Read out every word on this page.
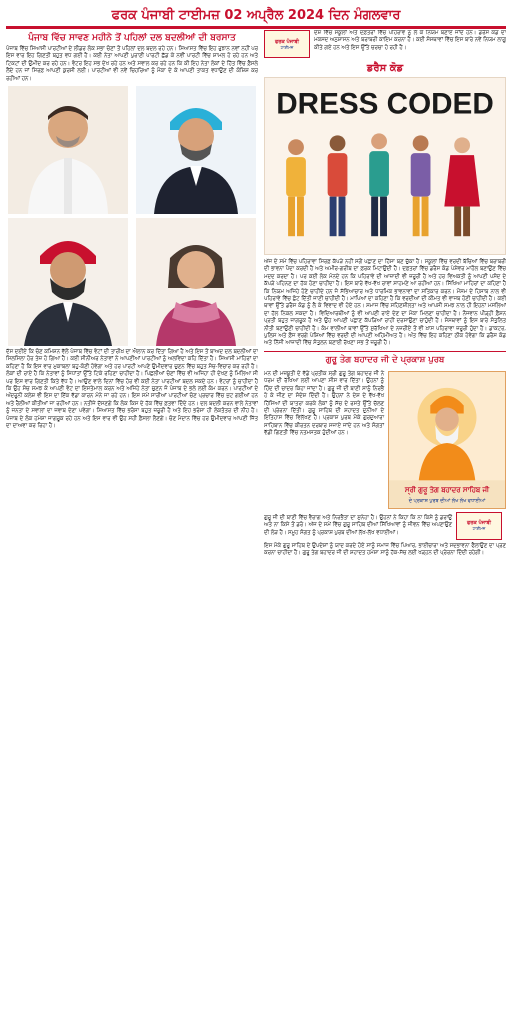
ਫਰਕ ਪੰਜਾਬੀ ਟਾਈਮਜ਼ 02 ਅਪ੍ਰੈਲ 2024 ਦਿਨ ਮੰਗਲਵਾਰ
ਪੰਜਾਬ ਵਿੱਚ ਸਾਵਣ ਮਹੀਨੇ ਤੋਂ ਪਹਿਲਾਂ ਦਲ ਬਦਲੀਆਂ ਦੀ ਬਰਸਾਤ
ਪੰਜਾਬ ਵਿੱਚ ਸਿਆਸੀ ਪਾਰਟੀਆਂ ਦੇ ਲੀਡਰ ਲੋਕ ਸਭਾ ਚੋਣਾਂ ਤੋਂ ਪਹਿਲਾਂ ਦਲ ਬਦਲ ਰਹੇ ਹਨ। ਸਿਆਸਤ ਵਿੱਚ ਇਹ ਰੁਝਾਨ ਨਵਾਂ ਨਹੀਂ ਪਰ ਇਸ ਵਾਰ ਇਹ ਗਿਣਤੀ ਬਹੁਤ ਵਧ ਗਈ ਹੈ। ਕਈ ਨੇਤਾ ਆਪਣੀ ਪੁਰਾਣੀ ਪਾਰਟੀ ਛੱਡ ਕੇ ਨਵੀਂ ਪਾਰਟੀ ਵਿੱਚ ਸ਼ਾਮਲ ਹੋ ਰਹੇ ਹਨ ਅਤੇ ਟਿਕਟਾਂ ਦੀ ਉਮੀਦ ਕਰ ਰਹੇ ਹਨ। ਵੋਟਰ ਇਹ ਸਭ ਦੇਖ ਰਹੇ ਹਨ ਅਤੇ ਸਵਾਲ ਕਰ ਰਹੇ ਹਨ ਕਿ ਕੀ ਇਹ ਨੇਤਾ ਲੋਕਾਂ ਦੇ ਹਿੱਤ ਵਿੱਚ ਫ਼ੈਸਲੇ ਲੈਂਦੇ ਹਨ ਜਾਂ ਸਿਰਫ਼ ਆਪਣੀ ਕੁਰਸੀ ਲਈ। ਪਾਰਟੀਆਂ ਵੀ ਨਵੇਂ ਚਿਹਰਿਆਂ ਨੂੰ ਮੌਕਾ ਦੇ ਕੇ ਆਪਣੀ ਤਾਕਤ ਵਧਾਉਣ ਦੀ ਕੋਸ਼ਿਸ਼ ਕਰ ਰਹੀਆਂ ਹਨ।
ਦੱਸ ਦਈਏ ਕਿ ਚੋਣ ਕਮਿਸ਼ਨ ਵੱਲੋਂ ਪੰਜਾਬ ਵਿੱਚ ਵੋਟਾਂ ਦੀ ਤਾਰੀਖ਼ ਦਾ ਐਲਾਨ ਕਰ ਦਿੱਤਾ ਗਿਆ ਹੈ ਅਤੇ ਇਸ ਤੋਂ ਬਾਅਦ ਦਲ ਬਦਲੀਆਂ ਦਾ ਸਿਲਸਿਲਾ ਹੋਰ ਤੇਜ਼ ਹੋ ਗਿਆ ਹੈ। ਕਈ ਸੀਨੀਅਰ ਨੇਤਾਵਾਂ ਨੇ ਆਪਣੀਆਂ ਪਾਰਟੀਆਂ ਨੂੰ ਅਲਵਿਦਾ ਕਹਿ ਦਿੱਤਾ ਹੈ। ਸਿਆਸੀ ਮਾਹਿਰਾਂ ਦਾ ਕਹਿਣਾ ਹੈ ਕਿ ਇਸ ਵਾਰ ਮੁਕਾਬਲਾ ਬਹੁ-ਕੋਣੀ ਹੋਵੇਗਾ ਅਤੇ ਹਰ ਪਾਰਟੀ ਆਪਣੇ ਉਮੀਦਵਾਰ ਚੁਣਨ ਵਿੱਚ ਬਹੁਤ ਸੋਚ-ਵਿਚਾਰ ਕਰ ਰਹੀ ਹੈ। ਲੋਕਾਂ ਦੀ ਰਾਏ ਹੈ ਕਿ ਨੇਤਾਵਾਂ ਨੂੰ ਸਿਧਾਂਤਾਂ ਉੱਤੇ ਟਿਕੇ ਰਹਿਣਾ ਚਾਹੀਦਾ ਹੈ। ਪਿਛਲੀਆਂ ਚੋਣਾਂ ਵਿੱਚ ਵੀ ਅਜਿਹਾ ਹੀ ਦੇਖਣ ਨੂੰ ਮਿਲਿਆ ਸੀ ਪਰ ਇਸ ਵਾਰ ਗਿਣਤੀ ਕਿਤੇ ਵੱਧ ਹੈ। ਆਉਣ ਵਾਲੇ ਦਿਨਾਂ ਵਿੱਚ ਹੋਰ ਵੀ ਕਈ ਨੇਤਾ ਪਾਰਟੀਆਂ ਬਦਲ ਸਕਦੇ ਹਨ। ਵੋਟਰਾਂ ਨੂੰ ਚਾਹੀਦਾ ਹੈ ਕਿ ਉਹ ਸੋਚ ਸਮਝ ਕੇ ਆਪਣੀ ਵੋਟ ਦਾ ਇਸਤੇਮਾਲ ਕਰਨ ਅਤੇ ਅਜਿਹੇ ਨੇਤਾ ਚੁਣਨ ਜੋ ਪੰਜਾਬ ਦੇ ਭਲੇ ਲਈ ਕੰਮ ਕਰਨ। ਪਾਰਟੀਆਂ ਦੇ ਅੰਦਰੂਨੀ ਕਲੇਸ਼ ਵੀ ਇਸ ਦਾ ਇੱਕ ਵੱਡਾ ਕਾਰਨ ਮੰਨੇ ਜਾ ਰਹੇ ਹਨ। ਇਸ ਸਮੇਂ ਸਾਰੀਆਂ ਪਾਰਟੀਆਂ ਚੋਣ ਪ੍ਰਚਾਰ ਵਿੱਚ ਜੁਟ ਗਈਆਂ ਹਨ ਅਤੇ ਰੈਲੀਆਂ ਕੀਤੀਆਂ ਜਾ ਰਹੀਆਂ ਹਨ। ਨਤੀਜੇ ਦੱਸਣਗੇ ਕਿ ਲੋਕ ਕਿਸ ਦੇ ਹੱਕ ਵਿੱਚ ਫ਼ਤਵਾ ਦਿੰਦੇ ਹਨ। ਦਲ ਬਦਲੀ ਕਰਨ ਵਾਲੇ ਨੇਤਾਵਾਂ ਨੂੰ ਜਨਤਾ ਦੇ ਸਵਾਲਾਂ ਦਾ ਜਵਾਬ ਦੇਣਾ ਪਵੇਗਾ। ਸਿਆਸਤ ਵਿੱਚ ਭਰੋਸਾ ਬਹੁਤ ਜ਼ਰੂਰੀ ਹੈ ਅਤੇ ਇਹ ਭਰੋਸਾ ਹੀ ਲੋਕਤੰਤਰ ਦੀ ਨੀਂਹ ਹੈ। ਪੰਜਾਬ ਦੇ ਲੋਕ ਹਮੇਸ਼ਾ ਜਾਗਰੂਕ ਰਹੇ ਹਨ ਅਤੇ ਇਸ ਵਾਰ ਵੀ ਉਹ ਸਹੀ ਫ਼ੈਸਲਾ ਲੈਣਗੇ। ਚੋਣ ਮੈਦਾਨ ਵਿੱਚ ਹਰ ਉਮੀਦਵਾਰ ਆਪਣੀ ਜਿੱਤ ਦਾ ਦਾਅਵਾ ਕਰ ਰਿਹਾ ਹੈ।
ਫਰਕ ਪੰਜਾਬੀ
ਟਾਈਮਜ਼
ਦੇਸ਼ ਵਿੱਚ ਸਕੂਲਾਂ ਅਤੇ ਦਫ਼ਤਰਾਂ ਵਿੱਚ ਪਹਿਰਾਵੇ ਨੂੰ ਲੈ ਕੇ ਨਿਯਮ ਬਣਾਏ ਜਾਂਦੇ ਹਨ। ਡਰੈਸ ਕੋਡ ਦਾ ਮਕਸਦ ਅਨੁਸ਼ਾਸਨ ਅਤੇ ਬਰਾਬਰੀ ਕਾਇਮ ਕਰਨਾ ਹੈ। ਕਈ ਸੰਸਥਾਵਾਂ ਵਿੱਚ ਇਸ ਬਾਰੇ ਨਵੇਂ ਨਿਯਮ ਲਾਗੂ ਕੀਤੇ ਗਏ ਹਨ ਅਤੇ ਇਸ ਉੱਤੇ ਚਰਚਾ ਹੋ ਰਹੀ ਹੈ।
ਡਰੈਸ ਕੋਡ
DRESS CODED
ਅੱਜ ਦੇ ਸਮੇਂ ਵਿੱਚ ਪਹਿਰਾਵਾ ਸਿਰਫ਼ ਕੱਪੜੇ ਨਹੀਂ ਸਗੋਂ ਪਛਾਣ ਦਾ ਹਿੱਸਾ ਬਣ ਚੁੱਕਾ ਹੈ। ਸਕੂਲਾਂ ਵਿੱਚ ਵਰਦੀ ਬੱਚਿਆਂ ਵਿੱਚ ਬਰਾਬਰੀ ਦੀ ਭਾਵਨਾ ਪੈਦਾ ਕਰਦੀ ਹੈ ਅਤੇ ਅਮੀਰ-ਗਰੀਬ ਦਾ ਫ਼ਰਕ ਮਿਟਾਉਂਦੀ ਹੈ। ਦਫ਼ਤਰਾਂ ਵਿੱਚ ਡਰੈਸ ਕੋਡ ਪੇਸ਼ੇਵਰ ਮਾਹੌਲ ਬਣਾਉਣ ਵਿੱਚ ਮਦਦ ਕਰਦਾ ਹੈ। ਪਰ ਕਈ ਲੋਕ ਮੰਨਦੇ ਹਨ ਕਿ ਪਹਿਰਾਵੇ ਦੀ ਆਜ਼ਾਦੀ ਵੀ ਜ਼ਰੂਰੀ ਹੈ ਅਤੇ ਹਰ ਵਿਅਕਤੀ ਨੂੰ ਆਪਣੀ ਪਸੰਦ ਦੇ ਕੱਪੜੇ ਪਹਿਨਣ ਦਾ ਹੱਕ ਹੋਣਾ ਚਾਹੀਦਾ ਹੈ। ਇਸ ਬਾਰੇ ਵੱਖ-ਵੱਖ ਰਾਵਾਂ ਸਾਹਮਣੇ ਆ ਰਹੀਆਂ ਹਨ। ਸਿੱਖਿਆ ਮਾਹਿਰਾਂ ਦਾ ਕਹਿਣਾ ਹੈ ਕਿ ਨਿਯਮ ਅਜਿਹੇ ਹੋਣੇ ਚਾਹੀਦੇ ਹਨ ਜੋ ਸੱਭਿਆਚਾਰ ਅਤੇ ਧਾਰਮਿਕ ਭਾਵਨਾਵਾਂ ਦਾ ਸਤਿਕਾਰ ਕਰਨ। ਮੌਸਮ ਦੇ ਹਿਸਾਬ ਨਾਲ ਵੀ ਪਹਿਰਾਵੇ ਵਿੱਚ ਛੋਟ ਦਿੱਤੀ ਜਾਣੀ ਚਾਹੀਦੀ ਹੈ। ਮਾਪਿਆਂ ਦਾ ਕਹਿਣਾ ਹੈ ਕਿ ਵਰਦੀਆਂ ਦੀ ਕੀਮਤ ਵੀ ਵਾਜਬ ਹੋਣੀ ਚਾਹੀਦੀ ਹੈ। ਕਈ ਥਾਵਾਂ ਉੱਤੇ ਡਰੈਸ ਕੋਡ ਨੂੰ ਲੈ ਕੇ ਵਿਵਾਦ ਵੀ ਹੋਏ ਹਨ। ਸਮਾਜ ਵਿੱਚ ਸਹਿਣਸ਼ੀਲਤਾ ਅਤੇ ਆਪਸੀ ਸਮਝ ਨਾਲ ਹੀ ਇਹਨਾਂ ਮਸਲਿਆਂ ਦਾ ਹੱਲ ਨਿਕਲ ਸਕਦਾ ਹੈ। ਵਿਦਿਆਰਥੀਆਂ ਨੂੰ ਵੀ ਆਪਣੀ ਰਾਏ ਦੇਣ ਦਾ ਮੌਕਾ ਮਿਲਣਾ ਚਾਹੀਦਾ ਹੈ। ਨੌਜਵਾਨ ਪੀੜ੍ਹੀ ਫ਼ੈਸ਼ਨ ਪ੍ਰਤੀ ਬਹੁਤ ਜਾਗਰੂਕ ਹੈ ਅਤੇ ਉਹ ਆਪਣੀ ਪਛਾਣ ਕੱਪੜਿਆਂ ਰਾਹੀਂ ਦਰਸਾਉਣਾ ਚਾਹੁੰਦੀ ਹੈ। ਸੰਸਥਾਵਾਂ ਨੂੰ ਇਸ ਬਾਰੇ ਸੰਤੁਲਿਤ ਨੀਤੀ ਬਣਾਉਣੀ ਚਾਹੀਦੀ ਹੈ। ਕੰਮ ਵਾਲੀਆਂ ਥਾਵਾਂ ਉੱਤੇ ਸੁਰੱਖਿਆ ਦੇ ਨਜ਼ਰੀਏ ਤੋਂ ਵੀ ਖ਼ਾਸ ਪਹਿਰਾਵਾ ਜ਼ਰੂਰੀ ਹੁੰਦਾ ਹੈ। ਡਾਕਟਰ, ਪੁਲਿਸ ਅਤੇ ਫ਼ੌਜ ਵਰਗੇ ਪੇਸ਼ਿਆਂ ਵਿੱਚ ਵਰਦੀ ਦੀ ਆਪਣੀ ਅਹਿਮੀਅਤ ਹੈ। ਅੰਤ ਵਿੱਚ ਇਹ ਕਹਿਣਾ ਠੀਕ ਹੋਵੇਗਾ ਕਿ ਡਰੈਸ ਕੋਡ ਅਤੇ ਨਿੱਜੀ ਆਜ਼ਾਦੀ ਵਿੱਚ ਸੰਤੁਲਨ ਬਣਾਈ ਰੱਖਣਾ ਸਭ ਤੋਂ ਜ਼ਰੂਰੀ ਹੈ।
ਗੁਰੂ ਤੇਗ ਬਹਾਦਰ ਜੀ ਦੇ ਪ੍ਰਕਾਸ਼ ਪੁਰਬ
ਮਨ ਦੀ ਮਜ਼ਬੂਤੀ ਦੇ ਵੱਡੇ ਪ੍ਰਤੀਕ ਸ੍ਰੀ ਗੁਰੂ ਤੇਗ ਬਹਾਦਰ ਜੀ ਨੇ ਧਰਮ ਦੀ ਰੱਖਿਆ ਲਈ ਆਪਣਾ ਸੀਸ ਵਾਰ ਦਿੱਤਾ। ਉਹਨਾਂ ਨੂੰ ਹਿੰਦ ਦੀ ਚਾਦਰ ਕਿਹਾ ਜਾਂਦਾ ਹੈ। ਗੁਰੂ ਜੀ ਦੀ ਬਾਣੀ ਸਾਨੂੰ ਨਿਰਭੈ ਹੋ ਕੇ ਜੀਣ ਦਾ ਸੰਦੇਸ਼ ਦਿੰਦੀ ਹੈ। ਉਹਨਾਂ ਨੇ ਦੇਸ਼ ਦੇ ਵੱਖ-ਵੱਖ ਹਿੱਸਿਆਂ ਦੀ ਯਾਤਰਾ ਕਰਕੇ ਲੋਕਾਂ ਨੂੰ ਸੱਚ ਦੇ ਰਸਤੇ ਉੱਤੇ ਚੱਲਣ ਦੀ ਪ੍ਰੇਰਨਾ ਦਿੱਤੀ। ਗੁਰੂ ਸਾਹਿਬ ਦੀ ਸ਼ਹਾਦਤ ਦੁਨੀਆ ਦੇ ਇਤਿਹਾਸ ਵਿੱਚ ਵਿਲੱਖਣ ਹੈ। ਪ੍ਰਕਾਸ਼ ਪੁਰਬ ਮੌਕੇ ਗੁਰਦੁਆਰਾ ਸਾਹਿਬਾਨ ਵਿੱਚ ਕੀਰਤਨ ਦਰਬਾਰ ਸਜਾਏ ਜਾਂਦੇ ਹਨ ਅਤੇ ਸੰਗਤਾਂ ਵੱਡੀ ਗਿਣਤੀ ਵਿੱਚ ਨਤਮਸਤਕ ਹੁੰਦੀਆਂ ਹਨ।
ਸ੍ਰੀ ਗੁਰੂ ਤੇਗ ਬਹਾਦਰ ਸਾਹਿਬ ਜੀ
ਦੇ ਪ੍ਰਕਾਸ਼ ਪੁਰਬ ਦੀਆਂ ਲੱਖ ਲੱਖ ਵਧਾਈਆਂ
ਗੁਰੂ ਜੀ ਦੀ ਬਾਣੀ ਵਿੱਚ ਵੈਰਾਗ ਅਤੇ ਨਿਰਭੈਤਾ ਦਾ ਸੁਨੇਹਾ ਹੈ। ਉਹਨਾਂ ਨੇ ਕਿਹਾ ਕਿ ਨਾ ਕਿਸੇ ਨੂੰ ਡਰਾਉ ਅਤੇ ਨਾ ਕਿਸੇ ਤੋਂ ਡਰੋ। ਅੱਜ ਦੇ ਸਮੇਂ ਵਿੱਚ ਗੁਰੂ ਸਾਹਿਬ ਦੀਆਂ ਸਿੱਖਿਆਵਾਂ ਨੂੰ ਜੀਵਨ ਵਿੱਚ ਅਪਣਾਉਣ ਦੀ ਲੋੜ ਹੈ। ਸਮੂਹ ਸੰਗਤ ਨੂੰ ਪ੍ਰਕਾਸ਼ ਪੁਰਬ ਦੀਆਂ ਲੱਖ-ਲੱਖ ਵਧਾਈਆਂ।
ਫਰਕ ਪੰਜਾਬੀ
ਟਾਈਮਜ਼
ਇਸ ਮੌਕੇ ਗੁਰੂ ਸਾਹਿਬ ਦੇ ਉਪਦੇਸ਼ਾਂ ਨੂੰ ਯਾਦ ਕਰਦੇ ਹੋਏ ਸਾਨੂੰ ਸਮਾਜ ਵਿੱਚ ਪਿਆਰ, ਭਾਈਚਾਰਾ ਅਤੇ ਸਦਭਾਵਨਾ ਫੈਲਾਉਣ ਦਾ ਪ੍ਰਣ ਕਰਨਾ ਚਾਹੀਦਾ ਹੈ। ਗੁਰੂ ਤੇਗ ਬਹਾਦਰ ਜੀ ਦੀ ਸ਼ਹਾਦਤ ਹਮੇਸ਼ਾ ਸਾਨੂੰ ਹੱਕ-ਸੱਚ ਲਈ ਖੜ੍ਹਨ ਦੀ ਪ੍ਰੇਰਨਾ ਦਿੰਦੀ ਰਹੇਗੀ।
